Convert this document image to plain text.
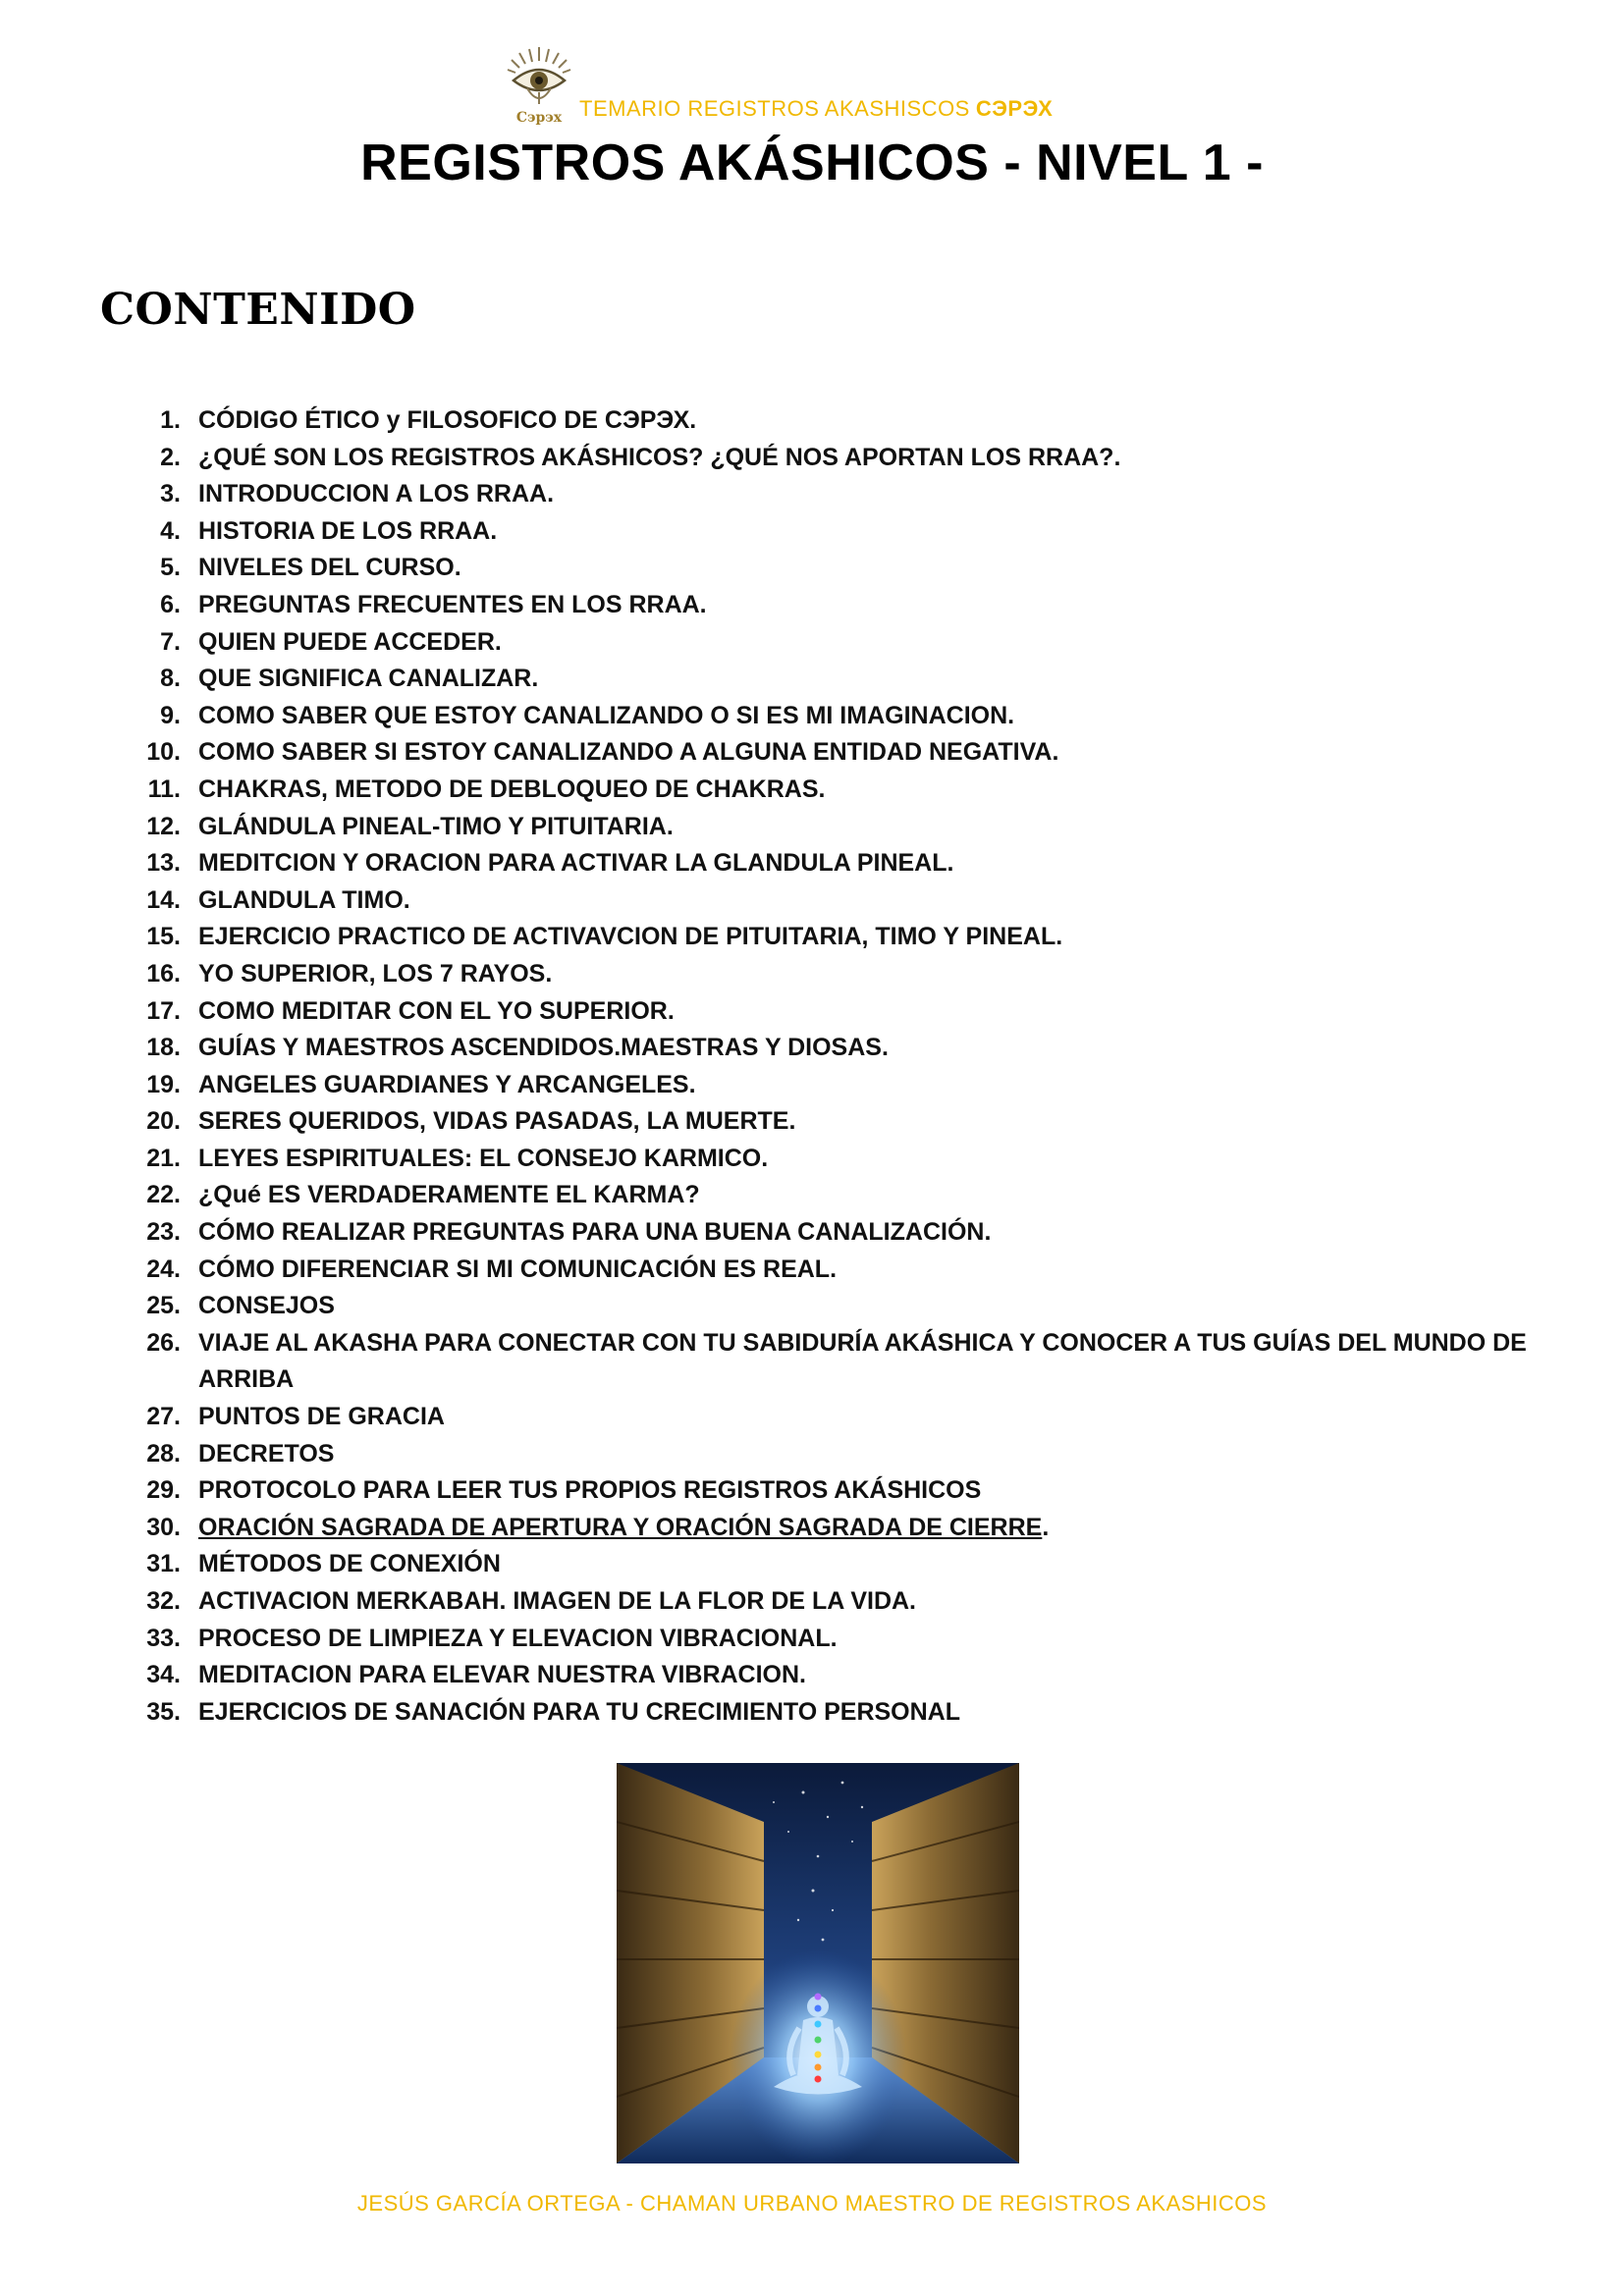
Cэрэх TEMARIO REGISTROS AKASHISCOS CЭРЭХ
REGISTROS AKÁSHICOS - NIVEL 1 -
CONTENIDO
1. CÓDIGO ÉTICO y FILOSOFICO DE CЭРЭХ.
2. ¿QUÉ SON LOS REGISTROS AKÁSHICOS? ¿QUÉ NOS APORTAN LOS RRAA?.
3. INTRODUCCION A LOS RRAA.
4. HISTORIA DE LOS RRAA.
5. NIVELES DEL CURSO.
6. PREGUNTAS FRECUENTES EN LOS RRAA.
7. QUIEN PUEDE ACCEDER.
8. QUE SIGNIFICA CANALIZAR.
9. COMO SABER QUE ESTOY CANALIZANDO O SI ES MI IMAGINACION.
10. COMO SABER SI ESTOY CANALIZANDO A ALGUNA ENTIDAD NEGATIVA.
11. CHAKRAS, METODO DE DEBLOQUEO DE CHAKRAS.
12. GLÁNDULA PINEAL-TIMO Y PITUITARIA.
13. MEDITCION Y ORACION PARA ACTIVAR LA GLANDULA PINEAL.
14. GLANDULA TIMO.
15. EJERCICIO PRACTICO DE ACTIVAVCION DE PITUITARIA, TIMO Y PINEAL.
16. YO SUPERIOR, LOS 7 RAYOS.
17. COMO MEDITAR CON EL YO SUPERIOR.
18. GUÍAS Y MAESTROS ASCENDIDOS.MAESTRAS Y DIOSAS.
19. ANGELES GUARDIANES Y ARCANGELES.
20. SERES QUERIDOS, VIDAS PASADAS, LA MUERTE.
21. LEYES ESPIRITUALES: EL CONSEJO KARMICO.
22. ¿Qué ES VERDADERAMENTE EL KARMA?
23. CÓMO REALIZAR PREGUNTAS PARA UNA BUENA CANALIZACIÓN.
24. CÓMO DIFERENCIAR SI MI COMUNICACIÓN ES REAL.
25. CONSEJOS
26. VIAJE AL AKASHA PARA CONECTAR CON TU SABIDURÍA AKÁSHICA Y CONOCER A TUS GUÍAS DEL MUNDO DE ARRIBA
27. PUNTOS DE GRACIA
28. DECRETOS
29. PROTOCOLO PARA LEER TUS PROPIOS REGISTROS AKÁSHICOS
30. ORACIÓN SAGRADA DE APERTURA Y ORACIÓN SAGRADA DE CIERRE.
31. MÉTODOS DE CONEXIÓN
32. ACTIVACION MERKABAH. IMAGEN DE LA FLOR DE LA VIDA.
33. PROCESO DE LIMPIEZA Y ELEVACION VIBRACIONAL.
34. MEDITACION PARA ELEVAR NUESTRA VIBRACION.
35. EJERCICIOS DE SANACIÓN PARA TU CRECIMIENTO PERSONAL
JESÚS GARCÍA ORTEGA - CHAMAN URBANO MAESTRO DE REGISTROS AKASHICOS
